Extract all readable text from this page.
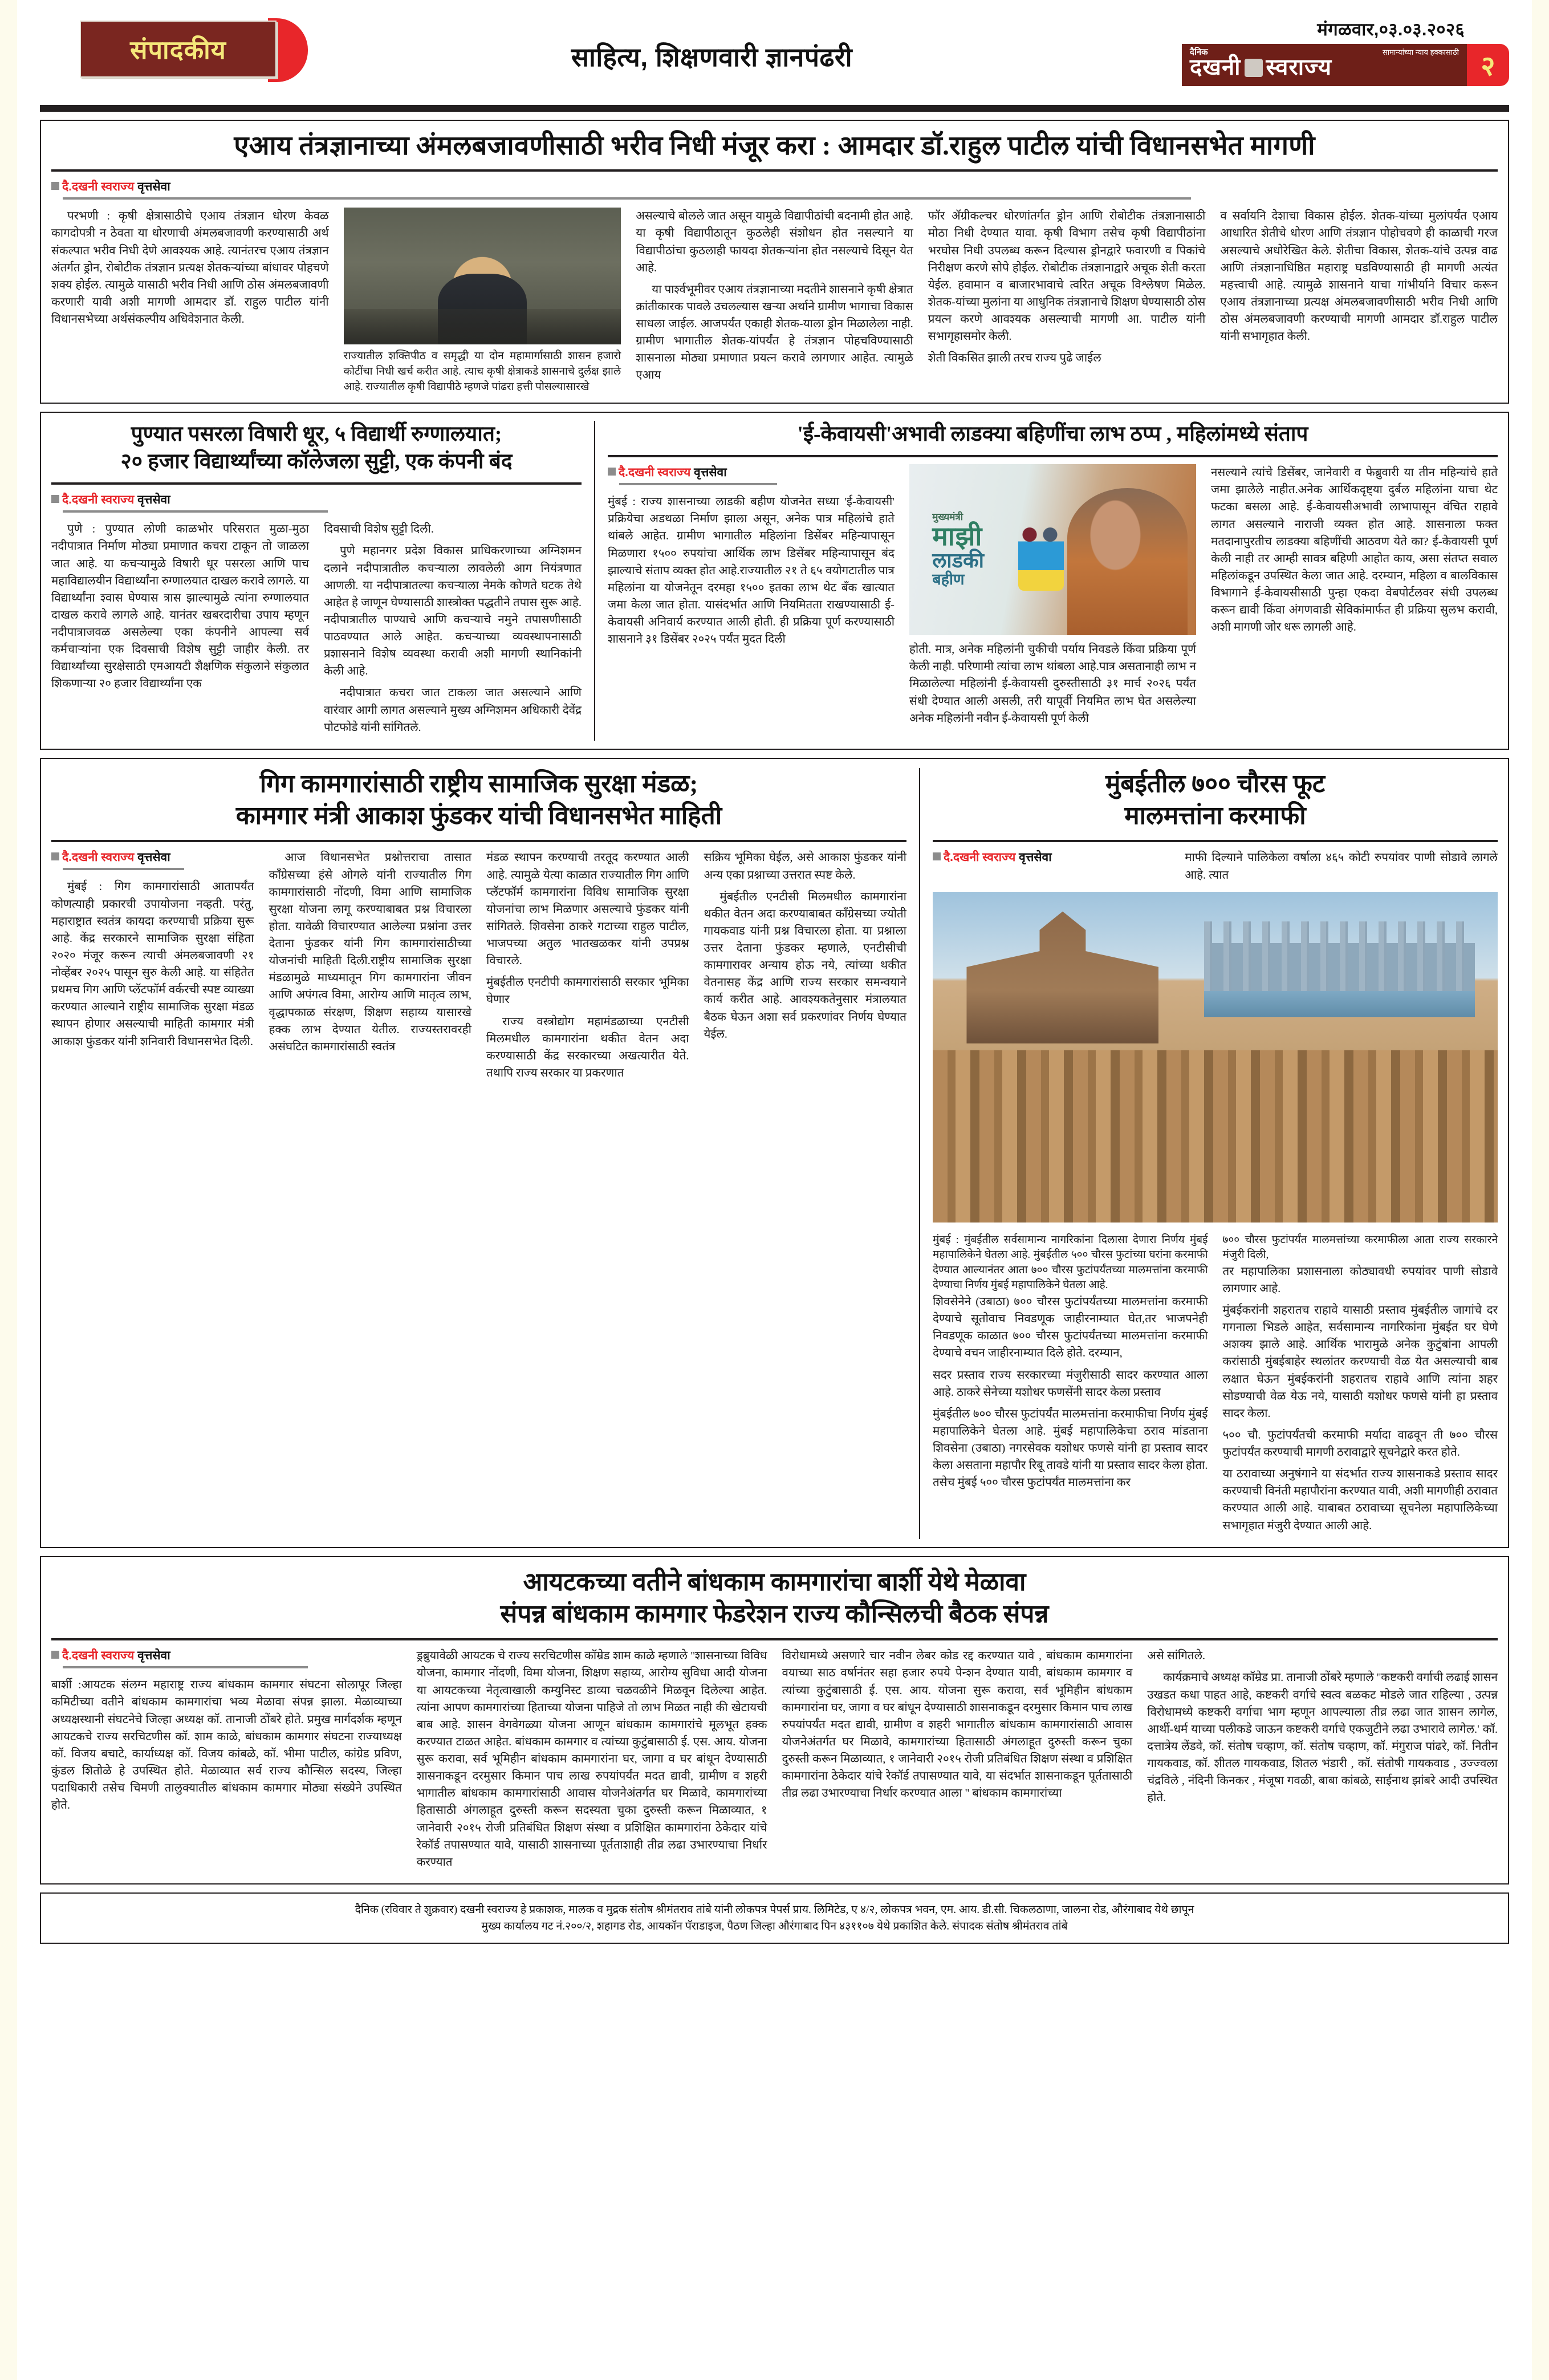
संपादकीय	साहित्य, शिक्षणवारी ज्ञानपंढरी
मंगळवार,०३.०३.२०२६
सामान्यांच्या न्याय हक्कासाठी
दैनिक
दखनी स्वराज्य	२
एआय तंत्रज्ञानाच्या अंमलबजावणीसाठी भरीव निधी मंजूर करा : आमदार डॉ.राहुल पाटील यांची विधानसभेत मागणी
दै.दखनी स्वराज्य वृत्तसेवा

परभणी : कृषी क्षेत्रासाठीचे एआय तंत्रज्ञान धोरण केवळ कागदोपत्री न ठेवता या धोरणाची अंमलबजावणी करण्यासाठी अर्थ संकल्पात भरीव निधी देणे आवश्यक आहे. त्यानंतरच एआय तंत्रज्ञान अंतर्गत ड्रोन, रोबोटीक तंत्रज्ञान प्रत्यक्ष शेतकऱ्यांच्या बांधावर पोहचणे शक्य होईल. त्यामुळे यासाठी भरीव निधी आणि ठोस अंमलबजावणी करणारी यावी अशी मागणी आमदार डॉ. राहुल पाटील यांनी विधानसभेच्या अर्थसंकल्पीय अधिवेशनात केली.

राज्यातील शक्तिपीठ व समृद्धी या दोन महामार्गासाठी शासन हजारो कोटींचा निधी खर्च करीत आहे. त्याच कृषी क्षेत्राकडे शासनाचे दुर्लक्ष झाले आहे. राज्यातील कृषी विद्यापीठे म्हणजे पांढरा हत्ती पोसल्यासारखे

असल्याचे बोलले जात असून यामुळे विद्यापीठांची बदनामी होत आहे. या कृषी विद्यापीठातून कुठलेही संशोधन होत नसल्याने या विद्यापीठांचा कुठलाही फायदा शेतकऱ्यांना होत नसल्याचे दिसून येत आहे.

या पार्श्वभूमीवर एआय तंत्रज्ञानाच्या मदतीने शासनाने कृषी क्षेत्रात क्रांतीकारक पावले उचलल्यास खऱ्या अर्थाने ग्रामीण भागाचा विकास साधला जाईल. आजपर्यंत एकाही शेतक-याला ड्रोन मिळालेला नाही. ग्रामीण भागातील शेतक-यांपर्यंत हे तंत्रज्ञान पोहचविण्यासाठी शासनाला मोठ्या प्रमाणात प्रयत्न करावे लागणार आहेत. त्यामुळे एआय

फॉर ॲग्रीकल्चर धोरणांतर्गत ड्रोन आणि रोबोटीक तंत्रज्ञानासाठी मोठा निधी देण्यात यावा. कृषी विभाग तसेच कृषी विद्यापीठांना भरघोस निधी उपलब्ध करून दिल्यास ड्रोनद्वारे फवारणी व पिकांचे निरीक्षण करणे सोपे होईल. रोबोटीक तंत्रज्ञानाद्वारे अचूक शेती करता येईल. हवामान व बाजारभावाचे त्वरित अचूक विश्लेषण मिळेल. शेतक-यांच्या मुलांना या आधुनिक तंत्रज्ञानाचे शिक्षण घेण्यासाठी ठोस प्रयत्न करणे आवश्यक असल्याची मागणी आ. पाटील यांनी सभागृहासमोर केली.

शेती विकसित झाली तरच राज्य पुढे जाईल

व सर्वायनि देशाचा विकास होईल. शेतक-यांच्या मुलांपर्यंत एआय आधारित शेतीचे धोरण आणि तंत्रज्ञान पोहोचवणे ही काळाची गरज असल्याचे अधोरेखित केले. शेतीचा विकास, शेतक-यांचे उत्पन्न वाढ आणि तंत्रज्ञानाधिष्ठित महाराष्ट्र घडविण्यासाठी ही मागणी अत्यंत महत्त्वाची आहे. त्यामुळे शासनाने याचा गांभीर्याने विचार करून एआय तंत्रज्ञानाच्या प्रत्यक्ष अंमलबजावणीसाठी भरीव निधी आणि ठोस अंमलबजावणी करण्याची मागणी आमदार डॉ.राहुल पाटील यांनी सभागृहात केली.

पुण्यात पसरला विषारी धूर, ५ विद्यार्थी रुग्णालयात;
२० हजार विद्यार्थ्यांच्या कॉलेजला सुट्टी, एक कंपनी बंद
दै.दखनी स्वराज्य वृत्तसेवा

पुणे : पुण्यात लोणी काळभोर परिसरात मुळा-मुठा नदीपात्रात निर्माण मोठ्या प्रमाणात कचरा टाकून तो जाळला जात आहे. या कचऱ्यामुळे विषारी धूर पसरला आणि पाच महाविद्यालयीन विद्यार्थ्यांना रुग्णालयात दाखल करावे लागले. या विद्यार्थ्यांना श्वास घेण्यास त्रास झाल्यामुळे त्यांना रुग्णालयात दाखल करावे लागले आहे. यानंतर खबरदारीचा उपाय म्हणून नदीपात्राजवळ असलेल्या एका कंपनीने आपल्या सर्व कर्मचाऱ्यांना एक दिवसाची विशेष सुट्टी जाहीर केली. तर विद्यार्थ्यांच्या सुरक्षेसाठी एमआयटी शैक्षणिक संकुलाने संकुलात शिकणाऱ्या २० हजार विद्यार्थ्यांना एक

दिवसाची विशेष सुट्टी दिली.

पुणे महानगर प्रदेश विकास प्राधिकरणाच्या अग्निशमन दलाने नदीपात्रातील कचऱ्याला लावलेली आग नियंत्रणात आणली. या नदीपात्रातल्या कचऱ्याला नेमके कोणते घटक तेथे आहेत हे जाणून घेण्यासाठी शास्त्रोक्त पद्धतीने तपास सुरू आहे. नदीपात्रातील पाण्याचे आणि कचऱ्याचे नमुने तपासणीसाठी पाठवण्यात आले आहेत. कचऱ्याच्या व्यवस्थापनासाठी प्रशासनाने विशेष व्यवस्था करावी अशी मागणी स्थानिकांनी केली आहे.

नदीपात्रात कचरा जात टाकला जात असल्याने आणि वारंवार आगी लागत असल्याने मुख्य अग्निशमन अधिकारी देवेंद्र पोटफोडे यांनी सांगितले.

'ई-केवायसी'अभावी लाडक्या बहिणींचा लाभ ठप्प , महिलांमध्ये संताप
दै.दखनी स्वराज्य वृत्तसेवा

मुंबई : राज्य शासनाच्या लाडकी बहीण योजनेत सध्या 'ई-केवायसी' प्रक्रियेचा अडथळा निर्माण झाला असून, अनेक पात्र महिलांचे हाते थांबले आहेत. ग्रामीण भागातील महिलांना डिसेंबर महिन्यापासून मिळणारा १५०० रुपयांचा आर्थिक लाभ डिसेंबर महिन्यापासून बंद झाल्याचे संताप व्यक्त होत आहे.राज्यातील २१ ते ६५ वयोगटातील पात्र महिलांना या योजनेतून दरमहा १५०० इतका लाभ थेट बँक खात्यात जमा केला जात होता. यासंदर्भात आणि नियमितता राखण्यासाठी ई-केवायसी अनिवार्य करण्यात आली होती. ही प्रक्रिया पूर्ण करण्यासाठी शासनाने ३१ डिसेंबर २०२५ पर्यंत मुदत दिली

मुख्यमंत्री
माझी
लाडकी
बहीण

होती. मात्र, अनेक महिलांनी चुकीची पर्याय निवडले किंवा प्रक्रिया पूर्ण केली नाही. परिणामी त्यांचा लाभ थांबला आहे.पात्र असतानाही लाभ न मिळालेल्या महिलांनी ई-केवायसी दुरुस्तीसाठी ३१ मार्च २०२६ पर्यंत संधी देण्यात आली असली, तरी यापूर्वी नियमित लाभ घेत असलेल्या अनेक महिलांनी नवीन ई-केवायसी पूर्ण केली

नसल्याने त्यांचे डिसेंबर, जानेवारी व फेब्रुवारी या तीन महिन्यांचे हाते जमा झालेले नाहीत.अनेक आर्थिकदृष्ट्या दुर्बल महिलांना याचा थेट फटका बसला आहे. ई-केवायसीअभावी लाभापासून वंचित राहावे लागत असल्याने नाराजी व्यक्त होत आहे. शासनाला फक्त मतदानापुरतीच लाडक्या बहिणींची आठवण येते का? ई-केवायसी पूर्ण केली नाही तर आम्ही सावत्र बहिणी आहोत काय, असा संतप्त सवाल महिलांकडून उपस्थित केला जात आहे. दरम्यान, महिला व बालविकास विभागाने ई-केवायसीसाठी पुन्हा एकदा वेबपोर्टलवर संधी उपलब्ध करून द्यावी किंवा अंगणवाडी सेविकांमार्फत ही प्रक्रिया सुलभ करावी, अशी मागणी जोर धरू लागली आहे.

गिग कामगारांसाठी राष्ट्रीय सामाजिक सुरक्षा मंडळ;
कामगार मंत्री आकाश फुंडकर यांची विधानसभेत माहिती
दै.दखनी स्वराज्य वृत्तसेवा

मुंबई : गिग कामगारांसाठी आतापर्यंत कोणत्याही प्रकारची उपायोजना नव्हती. परंतु, महाराष्ट्रात स्वतंत्र कायदा करण्याची प्रक्रिया सुरू आहे. केंद्र सरकारने सामाजिक सुरक्षा संहिता २०२० मंजूर करून त्याची अंमलबजावणी २१ नोव्हेंबर २०२५ पासून सुरु केली आहे. या संहितेत प्रथमच गिग आणि प्लॅटफॉर्म वर्करची स्पष्ट व्याख्या करण्यात आल्याने राष्ट्रीय सामाजिक सुरक्षा मंडळ स्थापन होणार असल्याची माहिती कामगार मंत्री आकाश फुंडकर यांनी शनिवारी विधानसभेत दिली.

आज विधानसभेत प्रश्नोत्तराचा तासात कॉंग्रेसच्या हंसे ओगले यांनी राज्यातील गिग कामगारांसाठी नोंदणी, विमा आणि सामाजिक सुरक्षा योजना लागू करण्याबाबत प्रश्न विचारला होता. यावेळी विचारण्यात आलेल्या प्रश्नांना उत्तर देताना फुंडकर यांनी गिग कामगारांसाठीच्या योजनांची माहिती दिली.राष्ट्रीय सामाजिक सुरक्षा मंडळामुळे माध्यमातून गिग कामगारांना जीवन आणि अपंगत्व विमा, आरोग्य आणि मातृत्व लाभ, वृद्धापकाळ संरक्षण, शिक्षण सहाय्य यासारखे हक्क लाभ देण्यात येतील. राज्यस्तरावरही असंघटित कामगारांसाठी स्वतंत्र

मंडळ स्थापन करण्याची तरतूद करण्यात आली आहे. त्यामुळे येत्या काळात राज्यातील गिग आणि प्लॅटफॉर्म कामगारांना विविध सामाजिक सुरक्षा योजनांचा लाभ मिळणार असल्याचे फुंडकर यांनी सांगितले. शिवसेना ठाकरे गटाच्या राहुल पाटील, भाजपच्या अतुल भातखळकर यांनी उपप्रश्न विचारले.

मुंबईतील एनटीपी कामगारांसाठी सरकार भूमिका घेणार

राज्य वस्त्रोद्योग महामंडळाच्या एनटीसी मिलमधील कामगारांना थकीत वेतन अदा करण्यासाठी केंद्र सरकारच्या अखत्यारीत येते. तथापि राज्य सरकार या प्रकरणात

सक्रिय भूमिका घेईल, असे आकाश फुंडकर यांनी अन्य एका प्रश्नाच्या उत्तरात स्पष्ट केले.

मुंबईतील एनटीसी मिलमधील कामगारांना थकीत वेतन अदा करण्याबाबत काँग्रेसच्या ज्योती गायकवाड यांनी प्रश्न विचारला होता. या प्रश्नाला उत्तर देताना फुंडकर म्हणाले, एनटीसीची कामगारावर अन्याय होऊ नये, त्यांच्या थकीत वेतनासह केंद्र आणि राज्य सरकार समन्वयाने कार्य करीत आहे. आवश्यकतेनुसार मंत्रालयात बैठक घेऊन अशा सर्व प्रकरणांवर निर्णय घेण्यात येईल.

मुंबईतील ७०० चौरस फूट
मालमत्तांना करमाफी
दै.दखनी स्वराज्य वृत्तसेवा	माफी दिल्याने पालिकेला वर्षाला ४६५ कोटी रुपयांवर पाणी सोडावे लागले आहे. त्यात

मुंबई : मुंबईतील सर्वसामान्य नागरिकांना दिलासा देणारा निर्णय मुंबई महापालिकेने घेतला आहे. मुंबईतील ५०० चौरस फुटांच्या घरांना करमाफी देण्यात आल्यानंतर आता ७०० चौरस फुटांपर्यंतच्या मालमत्तांना करमाफी देण्याचा निर्णय मुंबई महापालिकेने घेतला आहे.

शिवसेनेने (उबाठा) ७०० चौरस फुटांपर्यंतच्या मालमत्तांना करमाफी देण्याचे सूतोवाच निवडणूक जाहीरनाम्यात घेत,तर भाजपनेही निवडणूक काळात ७०० चौरस फुटांपर्यंतच्या मालमत्तांना करमाफी देण्याचे वचन जाहीरनाम्यात दिले होते. दरम्यान,

सदर प्रस्ताव राज्य सरकारच्या मंजुरीसाठी सादर करण्यात आला आहे. ठाकरे सेनेच्या यशोधर फणसेंनी सादर केला प्रस्ताव

मुंबईतील ७०० चौरस फुटांपर्यंत मालमत्तांना करमाफीचा निर्णय मुंबई महापालिकेने घेतला आहे. मुंबई महापालिकेचा ठराव मांडताना शिवसेना (उबाठा) नगरसेवक यशोधर फणसे यांनी हा प्रस्ताव सादर केला असताना महापौर रिबू तावडे यांनी या प्रस्ताव सादर केला होता. तसेच मुंबई ५०० चौरस फुटांपर्यंत मालमत्तांना कर

७०० चौरस फुटांपर्यंत मालमत्तांच्या करमाफीला आता राज्य सरकारने मंजुरी दिली,

तर महापालिका प्रशासनाला कोठ्यावधी रुपयांवर पाणी सोडावे लागणार आहे.

मुंबईकरांनी शहरातच राहावे यासाठी प्रस्ताव मुंबईतील जागांचे दर गगनाला भिडले आहेत, सर्वसामान्य नागरिकांना मुंबईत घर घेणे अशक्य झाले आहे. आर्थिक भारामुळे अनेक कुटुंबांना आपली करांसाठी मुंबईबाहेर स्थलांतर करण्याची वेळ येत असल्याची बाब लक्षात घेऊन मुंबईकरांनी शहरातच राहावे आणि त्यांना शहर सोडण्याची वेळ येऊ नये, यासाठी यशोधर फणसे यांनी हा प्रस्ताव सादर केला.

५०० चौ. फुटांपर्यंतची करमाफी मर्यादा वाढवून ती ७०० चौरस फुटांपर्यंत करण्याची मागणी ठरावाद्वारे सूचनेद्वारे करत होते.

या ठरावाच्या अनुषंगाने या संदर्भात राज्य शासनाकडे प्रस्ताव सादर करण्याची विनंती महापौरांना करण्यात यावी, अशी मागणीही ठरावात करण्यात आली आहे. याबाबत ठरावाच्या सूचनेला महापालिकेच्या सभागृहात मंजुरी देण्यात आली आहे.

आयटकच्या वतीने बांधकाम कामगारांचा बार्शी येथे मेळावा
संपन्न बांधकाम कामगार फेडरेशन राज्य कौन्सिलची बैठक संपन्न
दै.दखनी स्वराज्य वृत्तसेवा

बार्शी :आयटक संलग्न महाराष्ट्र राज्य बांधकाम कामगार संघटना सोलापूर जिल्हा कमिटीच्या वतीने बांधकाम कामगारांचा भव्य मेळावा संपन्न झाला. मेळाव्याच्या अध्यक्षस्थानी संघटनेचे जिल्हा अध्यक्ष कॉ. तानाजी ठोंबरे होते. प्रमुख मार्गदर्शक म्हणून आयटकचे राज्य सरचिटणीस कॉ. शाम काळे, बांधकाम कामगार संघटना राज्याध्यक्ष कॉ. विजय बचाटे, कार्याध्यक्ष कॉ. विजय कांबळे, कॉ. भीमा पाटील, कांग्रेड प्रविण, कुंडल शितोळे हे उपस्थित होते. मेळाव्यात सर्व राज्य कौन्सिल सदस्य, जिल्हा पदाधिकारी तसेच चिमणी तालुक्यातील बांधकाम कामगार मोठ्या संख्येने उपस्थित होते.

ड्रब्रुयावेळी आयटक चे राज्य सरचिटणीस कॉम्रेड शाम काळे म्हणाले ''शासनाच्या विविध योजना, कामगार नोंदणी, विमा योजना, शिक्षण सहाय्य, आरोग्य सुविधा आदी योजना या आयटकच्या नेतृत्वाखाली कम्युनिस्ट डाव्या चळवळीने मिळवून दिलेल्या आहेत. त्यांना आपण कामगारांच्या हिताच्या योजना पाहिजे तो लाभ मिळत नाही की खेटायची बाब आहे. शासन वेगवेगळ्या योजना आणून बांधकाम कामगारांचे मूलभूत हक्क करण्यात टाळत आहेत. बांधकाम कामगार व त्यांच्या कुटुंबासाठी ई. एस. आय. योजना सुरू करावा, सर्व भूमिहीन बांधकाम कामगारांना घर, जागा व घर बांधून देण्यासाठी शासनाकडून दरमुसार किमान पाच लाख रुपयांपर्यंत मदत द्यावी, ग्रामीण व शहरी भागातील बांधकाम कामगारांसाठी आवास योजनेअंतर्गत घर मिळावे, कामगारांच्या हितासाठी अंगलाहूत दुरुस्ती करून सदस्यता चुका दुरुस्ती करून मिळाव्यात, १ जानेवारी २०१५ रोजी प्रतिबंधित शिक्षण संस्था व प्रशिक्षित कामगारांना ठेकेदार यांचे रेकॉर्ड तपासण्यात यावे, यासाठी शासनाच्या पूर्तताशाही तीव्र लढा उभारण्याचा निर्धार करण्यात

विरोधामध्ये असणारे चार नवीन लेबर कोड रद्द करण्यात यावे , बांधकाम कामगारांना वयाच्या साठ वर्षानंतर सहा हजार रुपये पेन्शन देण्यात यावी, बांधकाम कामगार व त्यांच्या कुटुंबासाठी ई. एस. आय. योजना सुरू करावा, सर्व भूमिहीन बांधकाम कामगारांना घर, जागा व घर बांधून देण्यासाठी शासनाकडून दरमुसार किमान पाच लाख रुपयांपर्यंत मदत द्यावी, ग्रामीण व शहरी भागातील बांधकाम कामगारांसाठी आवास योजनेअंतर्गत घर मिळावे, कामगारांच्या हितासाठी अंगलाहूत दुरुस्ती करून चुका दुरुस्ती करून मिळाव्यात, १ जानेवारी २०१५ रोजी प्रतिबंधित शिक्षण संस्था व प्रशिक्षित कामगारांना ठेकेदार यांचे रेकॉर्ड तपासण्यात यावे, या संदर्भात शासनाकडून पूर्ततासाठी तीव्र लढा उभारण्याचा निर्धार करण्यात आला '' बांधकाम कामगारांच्या

असे सांगितले.

कार्यक्रमाचे अध्यक्ष कॉम्रेड प्रा. तानाजी ठोंबरे म्हणाले ''कष्टकरी वर्गाची लढाई शासन उखडत कधा पाहत आहे, कष्टकरी वर्गाचे स्वत्व बळकट मोडले जात राहिल्या , उत्पन्न विरोधामध्ये कष्टकरी वर्गाचा भाग म्हणून आपल्याला तीव्र लढा जात शासन लागेल, आर्थी-धर्म याच्या पलीकडे जाऊन कष्टकरी वर्गाचे एकजुटीने लढा उभारावे लागेल.' कॉ. दत्तात्रेय लेंडवे, कॉ. संतोष चव्हाण, कॉ. संतोष चव्हाण, कॉ. मंगुराज पांढरे, कॉ. नितीन गायकवाड, कॉ. शीतल गायकवाड, शितल भंडारी , कॉ. संतोषी गायकवाड , उज्ज्वला चंद्रविले , नंदिनी किनकर , मंजूषा गवळी, बाबा कांबळे, साईनाथ झांबरे आदी उपस्थित होते.

दैनिक (रविवार ते शुक्रवार) दखनी स्वराज्य हे प्रकाशक, मालक व मुद्रक संतोष श्रीमंतराव तांबे यांनी लोकपत्र पेपर्स प्राय. लिमिटेड, ए ४/२, लोकपत्र भवन, एम. आय. डी.सी. चिकलठाणा, जालना रोड, औरंगाबाद येथे छापून

मुख्य कार्यालय गट नं.२००/२, शहागड रोड, आयकॉन पॅराडाइज, पैठण जिल्हा औरंगाबाद पिन ४३११०७ येथे प्रकाशित केले. संपादक संतोष श्रीमंतराव तांबे
